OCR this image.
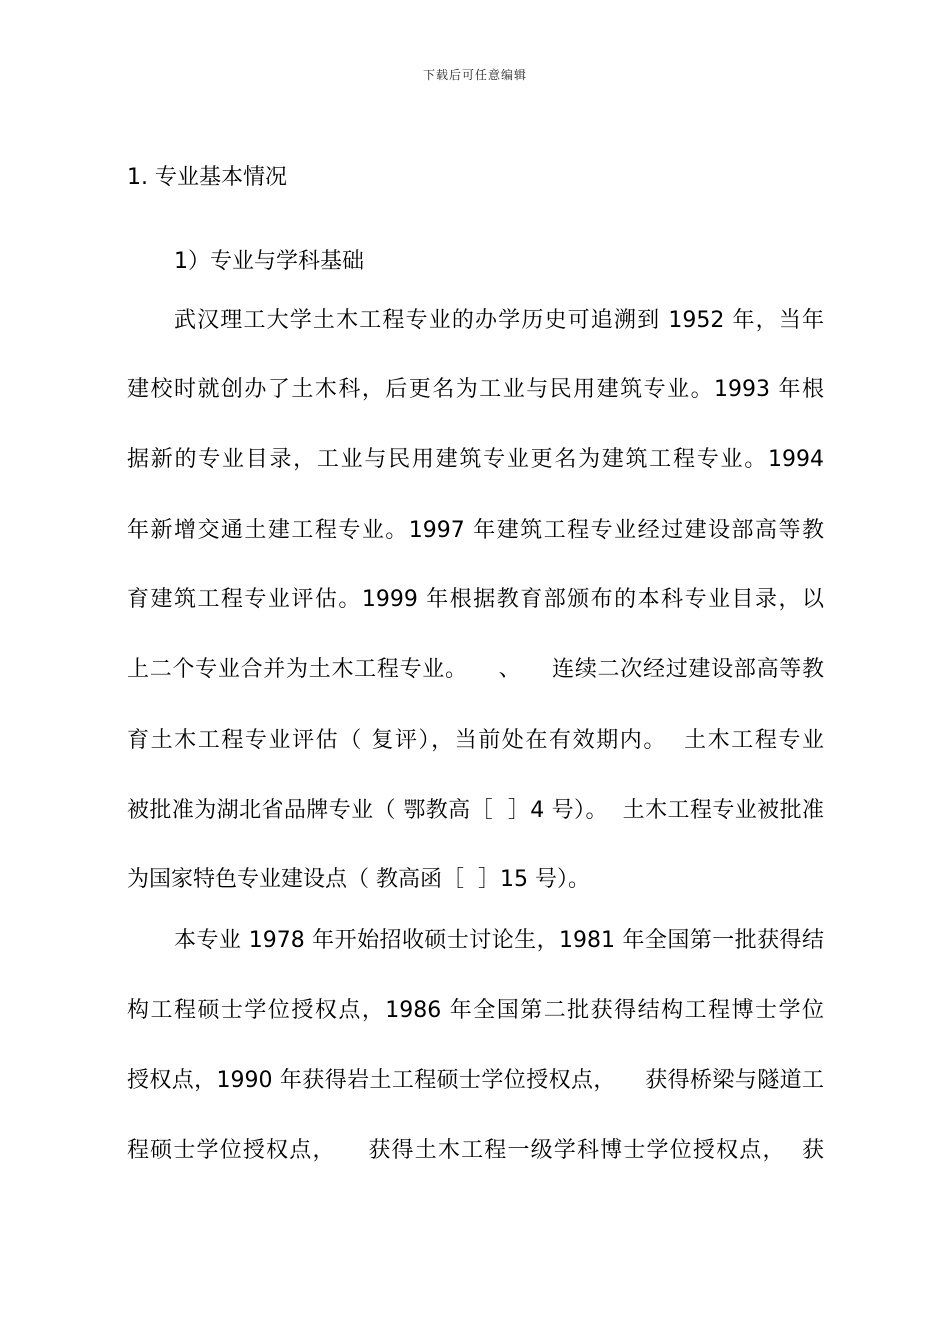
下载后可任意编辑
1. 专业基本情况
1）专业与学科基础
武汉理工大学土木工程专业的办学历史可追溯到 1952 年，当年
建校时就创办了土木科，后更名为工业与民用建筑专业。1993 年根
据新的专业目录，工业与民用建筑专业更名为建筑工程专业。1994
年新增交通土建工程专业。1997 年建筑工程专业经过建设部高等教
育建筑工程专业评估。1999 年根据教育部颁布的本科专业目录，以
上二个专业合并为土木工程专业。    、    连续二次经过建设部高等教
育土木工程专业评估（ 复评），当前处在有效期内。  土木工程专业
被批准为湖北省品牌专业（ 鄂教高［  ］4 号）。  土木工程专业被批准
为国家特色专业建设点（ 教高函［  ］15 号）。
本专业 1978 年开始招收硕士讨论生，1981 年全国第一批获得结
构工程硕士学位授权点，1986 年全国第二批获得结构工程博士学位
授权点，1990 年获得岩土工程硕士学位授权点，    获得桥梁与隧道工
程硕士学位授权点，    获得土木工程一级学科博士学位授权点，  获
